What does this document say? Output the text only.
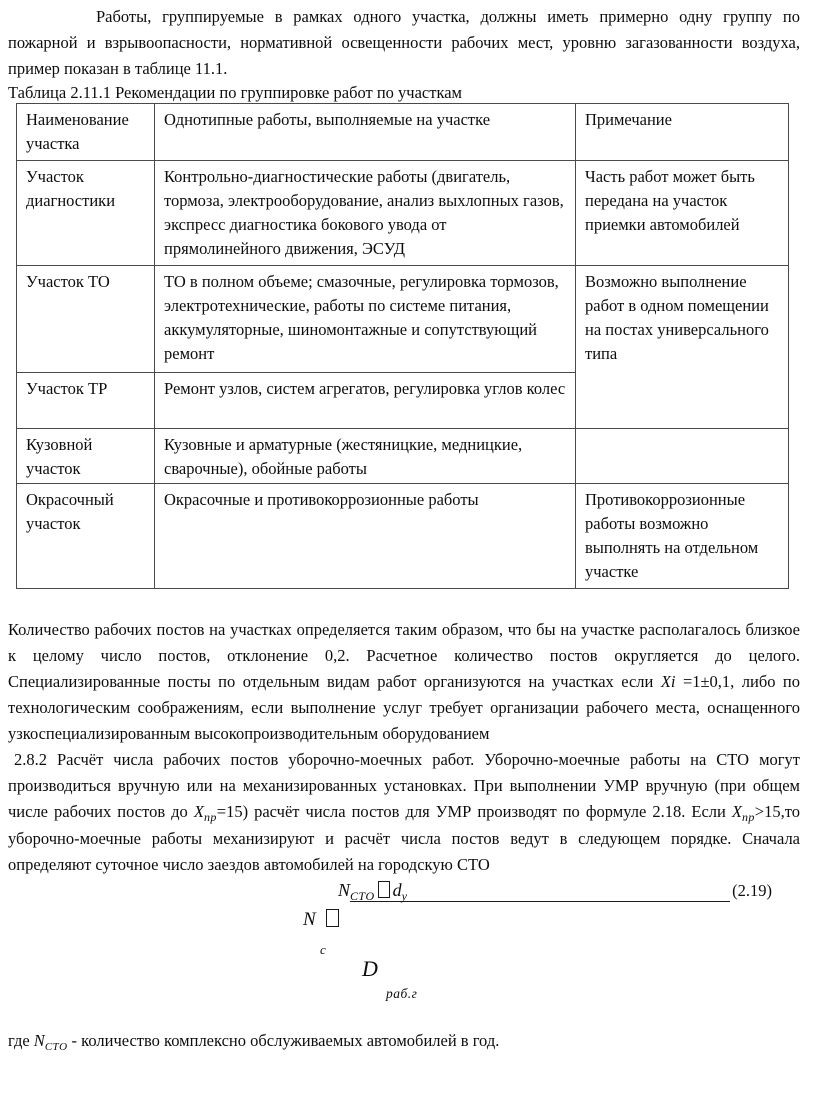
Работы, группируемые в рамках одного участка, должны иметь примерно одну группу по пожарной и взрывоопасности, нормативной освещенности рабочих мест, уровню загазованности воздуха, пример показан в таблице 11.1.

Таблица 2.11.1 Рекомендации по группировке работ по участкам

Наименование участка	Однотипные работы, выполняемые на участке	Примечание
Участок диагностики	Контрольно-диагностические работы (двигатель, тормоза, электрооборудование, анализ выхлопных газов, экспресс диагностика бокового увода от прямолинейного движения, ЭСУД	Часть работ может быть передана на участок приемки автомобилей
Участок ТО	ТО в полном объеме; смазочные, регулировка тормозов, электротехнические, работы по системе питания, аккумуляторные, шиномонтажные и сопутствующий ремонт	Возможно выполнение работ в одном помещении на постах универсального типа
Участок ТР	Ремонт узлов, систем агрегатов, регулировка углов колес	
Кузовной участок	Кузовные и арматурные (жестяницкие, медницкие, сварочные), обойные работы	
Окрасочный участок	Окрасочные и противокоррозионные работы	Противокоррозионные работы возможно выполнять на отдельном участке

Количество рабочих постов на участках определяется таким образом, что бы на участке располагалось близкое к целому число постов, отклонение 0,2. Расчетное количество постов округляется до целого. Специализированные посты по отдельным видам работ организуются на участках если Хi =1±0,1, либо по технологическим соображениям, если выполнение услуг требует организации рабочего места, оснащенного узкоспециализированным высокопроизводительным оборудованием

2.8.2 Расчёт числа рабочих постов уборочно-моечных работ. Уборочно-моечные работы на СТО могут производиться вручную или на механизированных установках. При выполнении УМР вручную (при общем числе рабочих постов до $Х_{пр}=15$) расчёт числа постов для УМР производят по формуле 2.18. Если $Х_{пр}>15,то$ уборочно-моечные работы механизируют и расчёт числа постов ведут в следующем порядке. Сначала определяют суточное число заездов автомобилей на городскую СТО

N $_{СТО}$ $d_у$	(2.19)
N
с
D
раб.г

где $N_{СТО}$ - количество комплексно обслуживаемых автомобилей в год.
